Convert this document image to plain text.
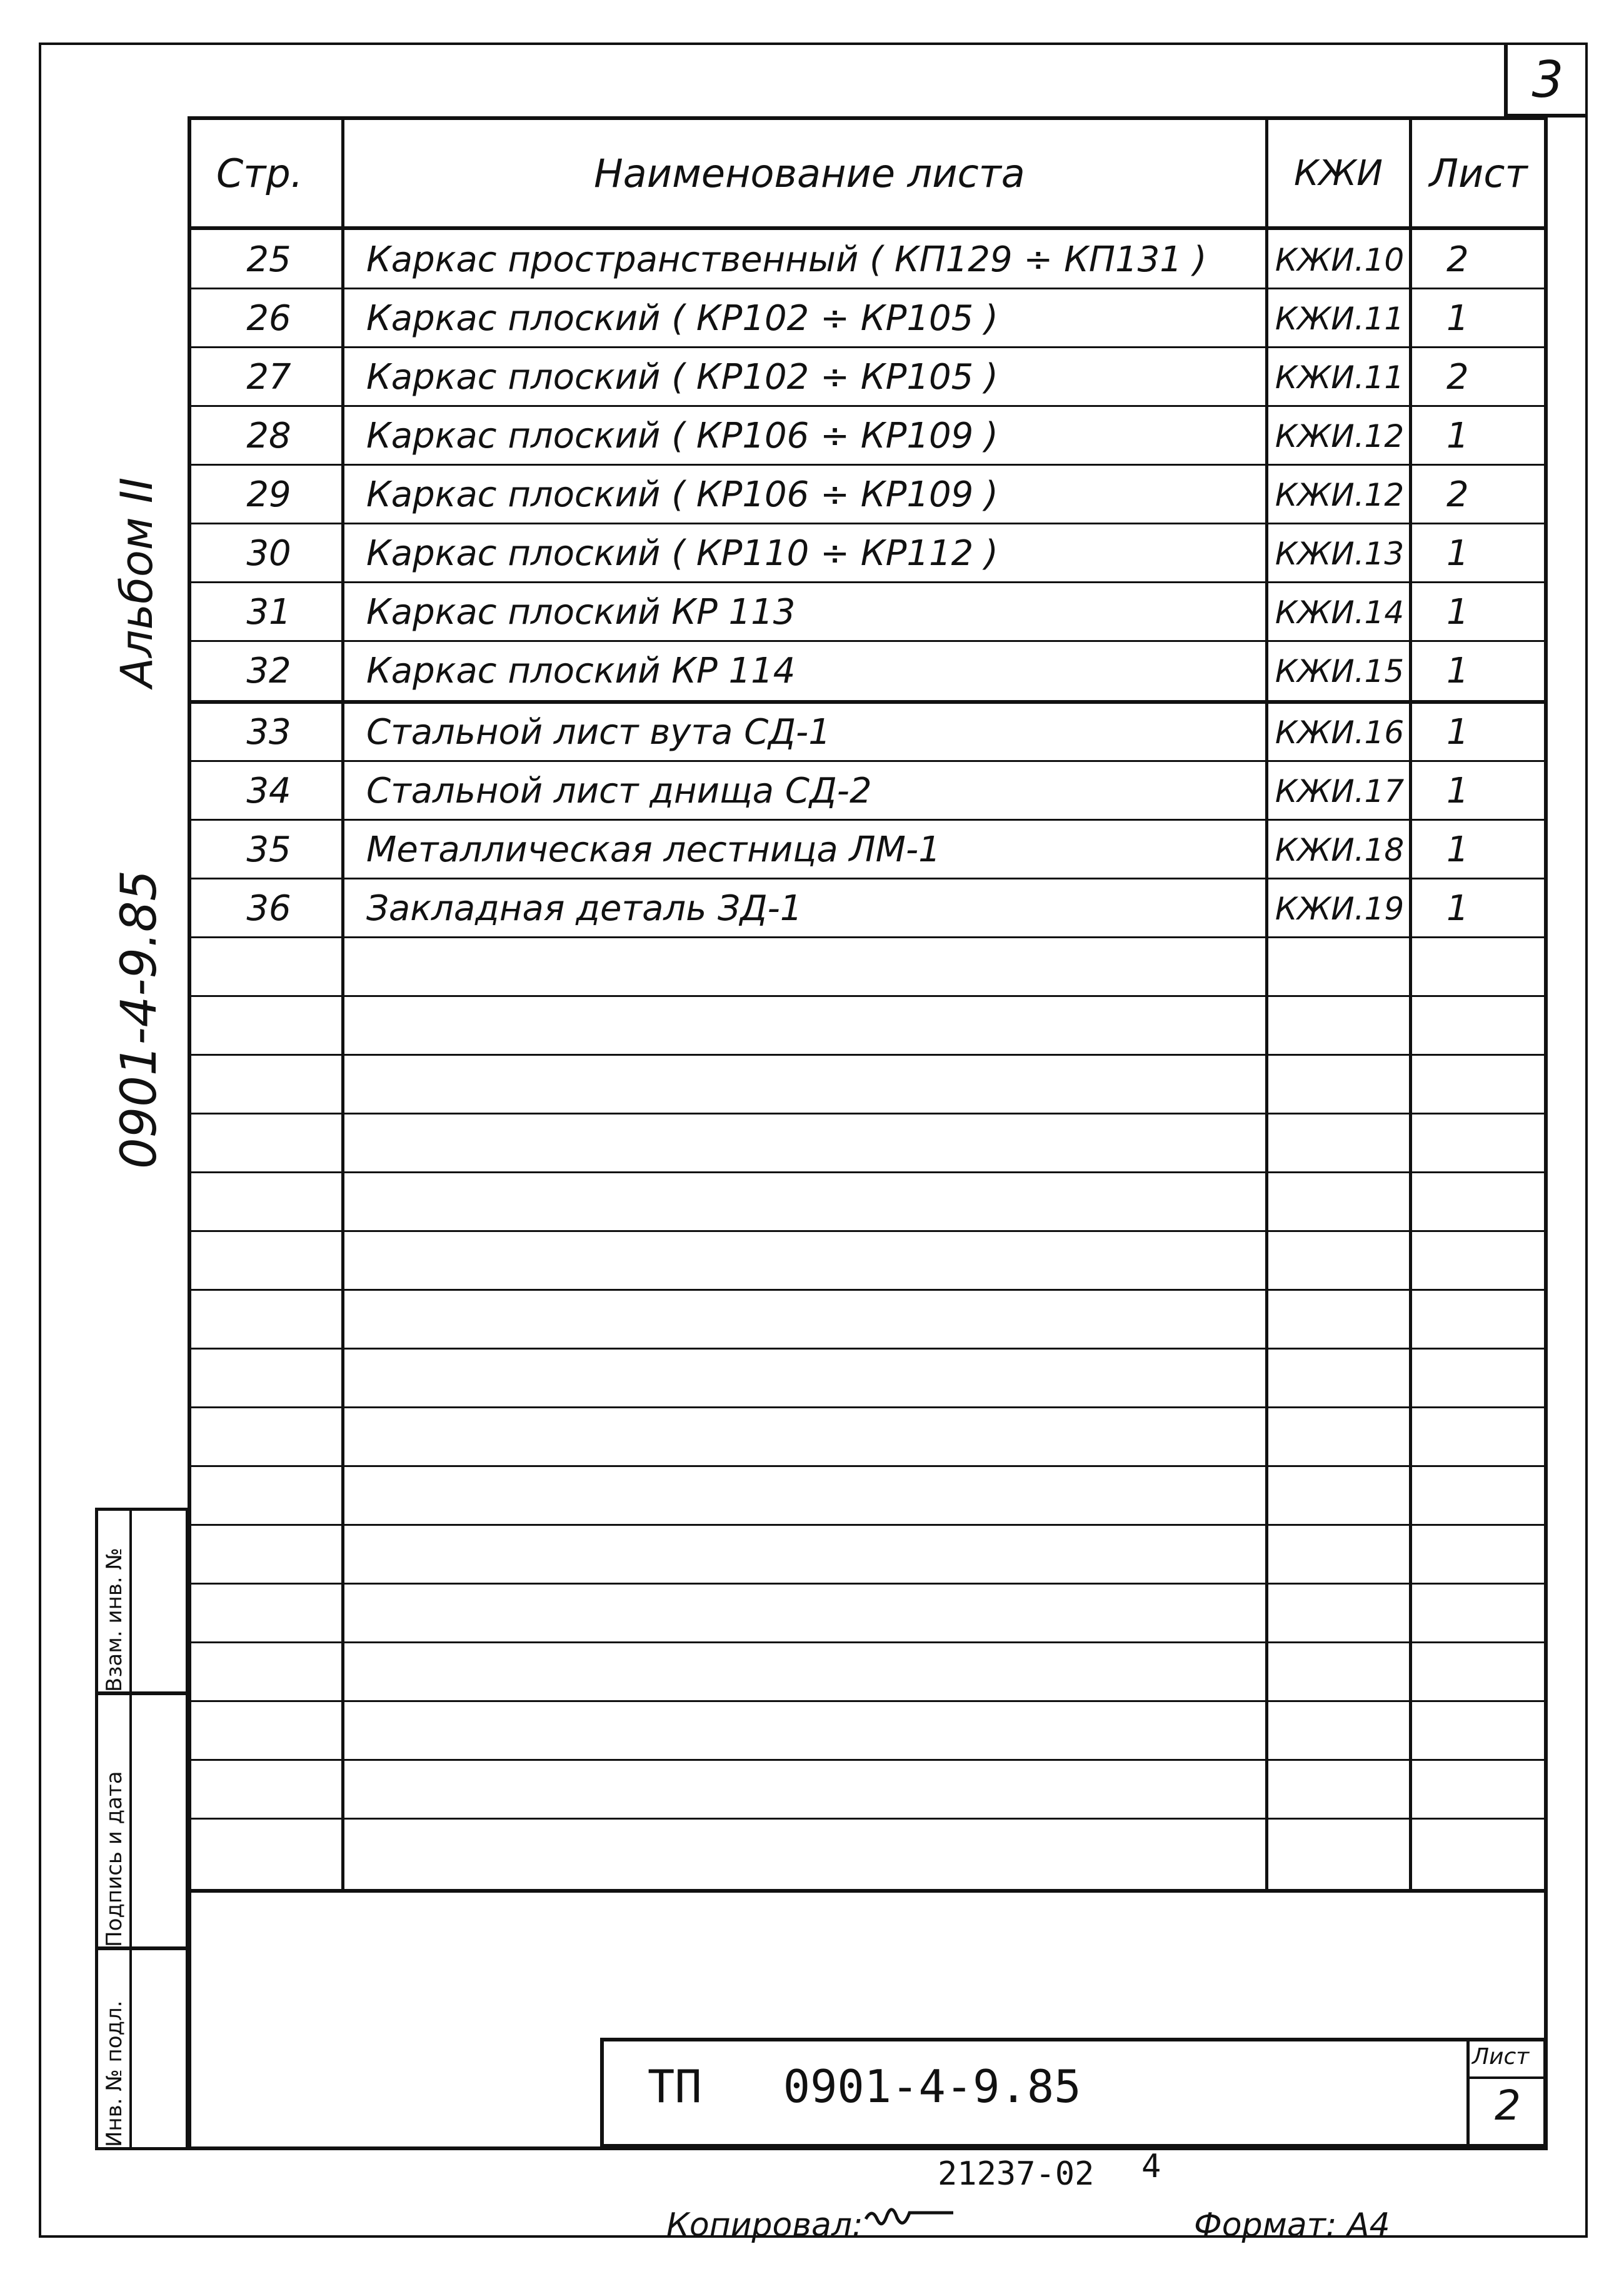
3
Альбом II
0901-4-9.85
Стр.	Наименование листа	КЖИ	Лист
25	Каркас пространственный ( КП129 ÷ КП131 )	КЖИ.10	2
26	Каркас плоский ( КР102 ÷ КР105 )	КЖИ.11	1
27	Каркас плоский ( КР102 ÷ КР105 )	КЖИ.11	2
28	Каркас плоский ( КР106 ÷ КР109 )	КЖИ.12	1
29	Каркас плоский ( КР106 ÷ КР109 )	КЖИ.12	2
30	Каркас плоский ( КР110 ÷ КР112 )	КЖИ.13	1
31	Каркас плоский КР 113	КЖИ.14	1
32	Каркас плоский КР 114	КЖИ.15	1
33	Стальной лист вута СД-1	КЖИ.16	1
34	Стальной лист днища СД-2	КЖИ.17	1
35	Металлическая лестница ЛМ-1	КЖИ.18	1
36	Закладная деталь ЗД-1	КЖИ.19	1
Взам. инв. №
Подпись и дата
Инв. № подл.	ТП   0901-4-9.85
Лист
2
21237-02 4
Копировал:	Формат: А4
